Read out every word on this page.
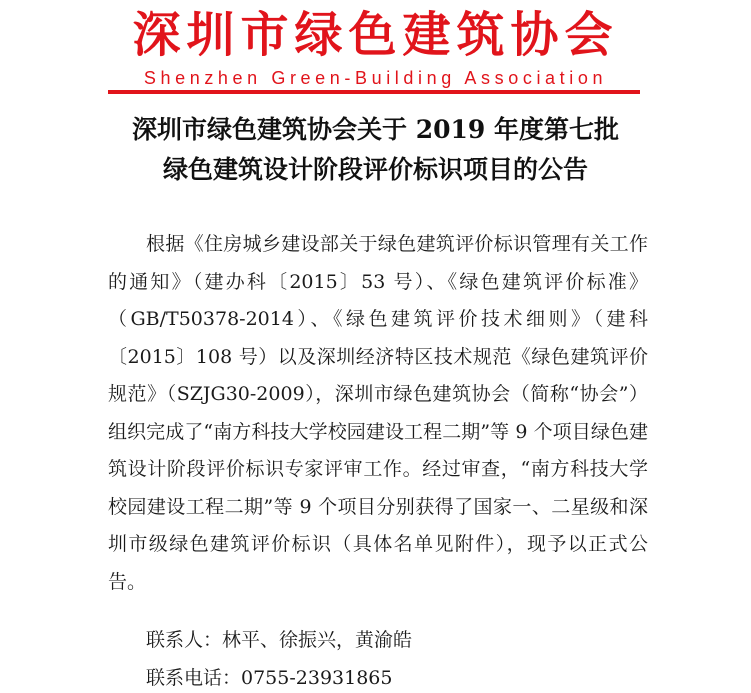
深圳市绿色建筑协会
Shenzhen Green-Building Association
深圳市绿色建筑协会关于 2019 年度第七批
绿色建筑设计阶段评价标识项目的公告

根据《住房城乡建设部关于绿色建筑评价标识管理有关工作的通知》（建办科〔2015〕53 号）、《绿色建筑评价标准》（GB/T50378-2014）、《绿色建筑评价技术细则》（建科〔2015〕108 号）以及深圳经济特区技术规范《绿色建筑评价规范》（SZJG30-2009），深圳市绿色建筑协会（简称“协会”）组织完成了“南方科技大学校园建设工程二期”等 9 个项目绿色建筑设计阶段评价标识专家评审工作。经过审查，“南方科技大学校园建设工程二期”等 9 个项目分别获得了国家一、二星级和深圳市级绿色建筑评价标识（具体名单见附件），现予以正式公告。

联系人：林平、徐振兴，黄渝皓
联系电话：0755-23931865
